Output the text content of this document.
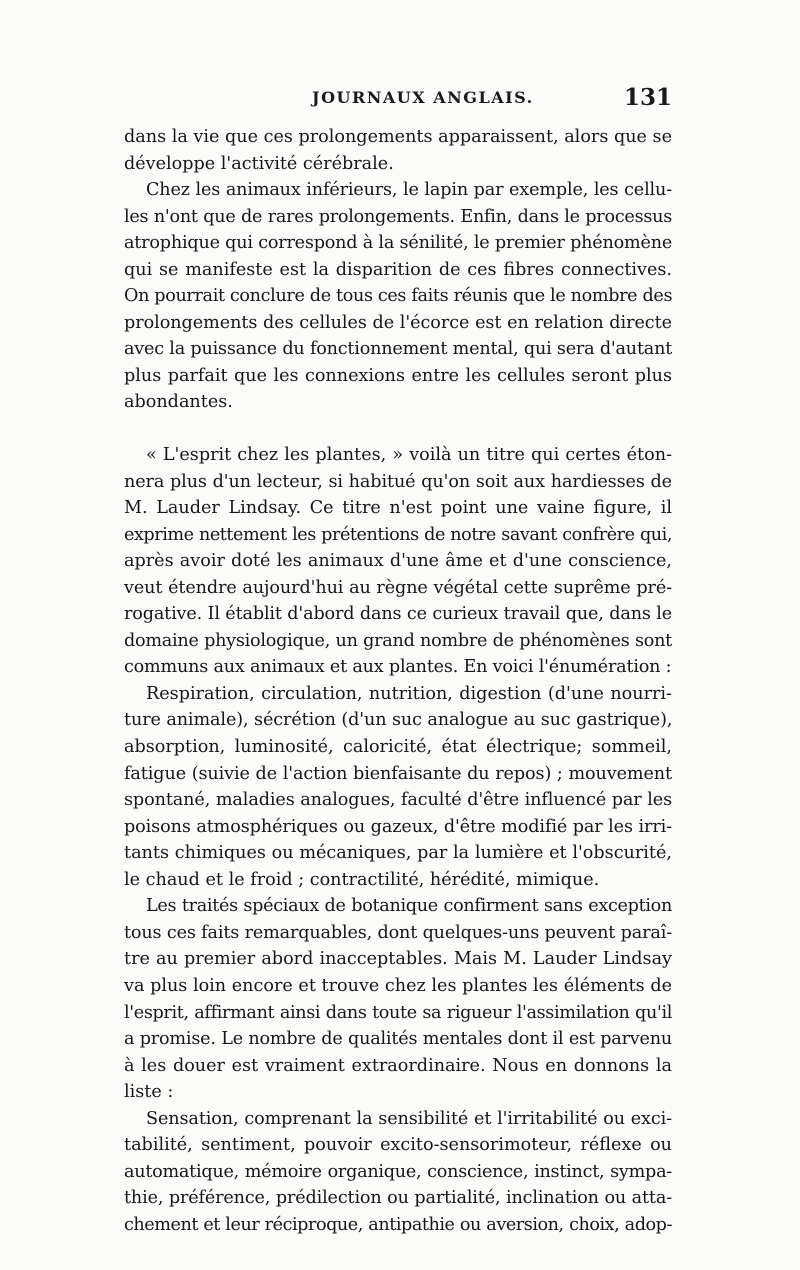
JOURNAUX ANGLAIS.	131
dans la vie que ces prolongements apparaissent, alors que se
développe l'activité cérébrale.
Chez les animaux inférieurs, le lapin par exemple, les cellu-
les n'ont que de rares prolongements. Enfin, dans le processus
atrophique qui correspond à la sénilité, le premier phénomène
qui se manifeste est la disparition de ces fibres connectives.
On pourrait conclure de tous ces faits réunis que le nombre des
prolongements des cellules de l'écorce est en relation directe
avec la puissance du fonctionnement mental, qui sera d'autant
plus parfait que les connexions entre les cellules seront plus
abondantes.
« L'esprit chez les plantes, » voilà un titre qui certes éton-
nera plus d'un lecteur, si habitué qu'on soit aux hardiesses de
M. Lauder Lindsay. Ce titre n'est point une vaine figure, il
exprime nettement les prétentions de notre savant confrère qui,
après avoir doté les animaux d'une âme et d'une conscience,
veut étendre aujourd'hui au règne végétal cette suprême pré-
rogative. Il établit d'abord dans ce curieux travail que, dans le
domaine physiologique, un grand nombre de phénomènes sont
communs aux animaux et aux plantes. En voici l'énumération :
Respiration, circulation, nutrition, digestion (d'une nourri-
ture animale), sécrétion (d'un suc analogue au suc gastrique),
absorption, luminosité, caloricité, état électrique; sommeil,
fatigue (suivie de l'action bienfaisante du repos) ; mouvement
spontané, maladies analogues, faculté d'être influencé par les
poisons atmosphériques ou gazeux, d'être modifié par les irri-
tants chimiques ou mécaniques, par la lumière et l'obscurité,
le chaud et le froid ; contractilité, hérédité, mimique.
Les traités spéciaux de botanique confirment sans exception
tous ces faits remarquables, dont quelques-uns peuvent paraî-
tre au premier abord inacceptables. Mais M. Lauder Lindsay
va plus loin encore et trouve chez les plantes les éléments de
l'esprit, affirmant ainsi dans toute sa rigueur l'assimilation qu'il
a promise. Le nombre de qualités mentales dont il est parvenu
à les douer est vraiment extraordinaire. Nous en donnons la
liste :
Sensation, comprenant la sensibilité et l'irritabilité ou exci-
tabilité, sentiment, pouvoir excito-sensorimoteur, réflexe ou
automatique, mémoire organique, conscience, instinct, sympa-
thie, préférence, prédilection ou partialité, inclination ou atta-
chement et leur réciproque, antipathie ou aversion, choix, adop-
